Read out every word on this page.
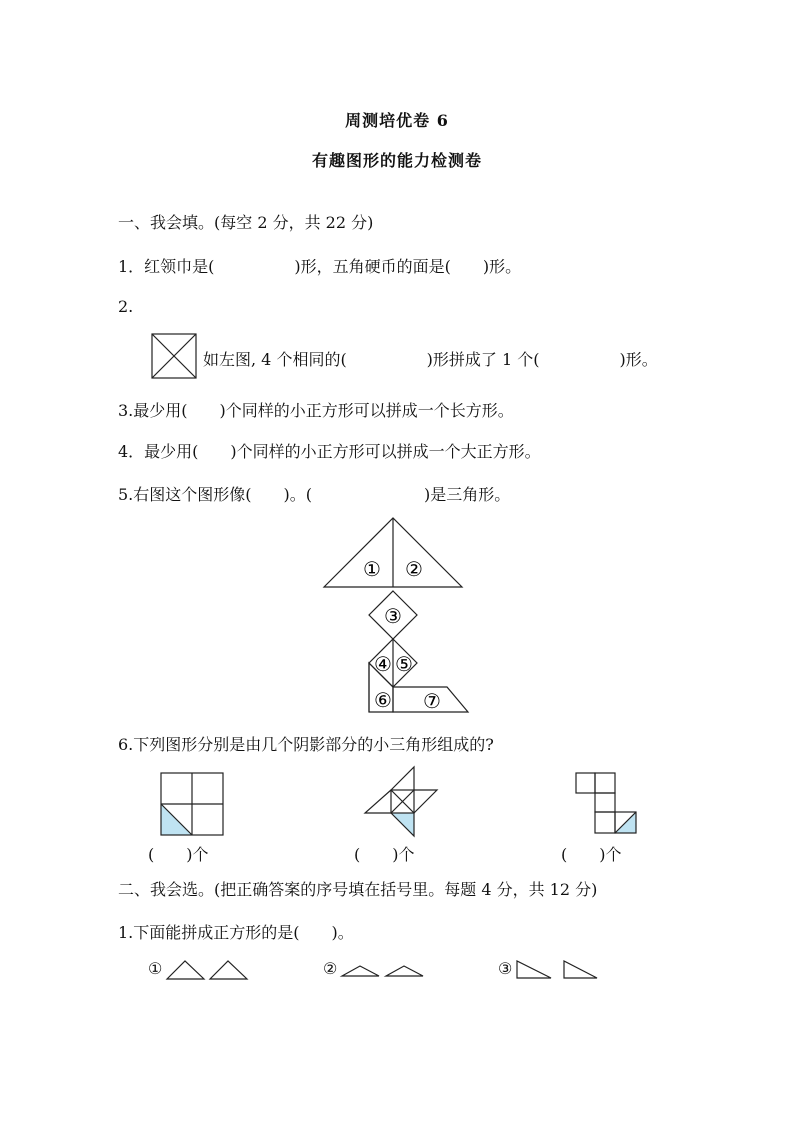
周测培优卷 6
有趣图形的能力检测卷
一、我会填。(每空 2 分，共 22 分)
1．红领巾是(　　　　　)形，五角硬币的面是(　　)形。
2.
如左图, 4 个相同的(　　　　　)形拼成了 1 个(　　　　　)形。
3.最少用(　　)个同样的小正方形可以拼成一个长方形。
4．最少用(　　)个同样的小正方形可以拼成一个大正方形。
5.右图这个图形像(　　)。(　　　　　　　)是三角形。
① ②
③
④ ⑤
⑥ ⑦
6.下列图形分别是由几个阴影部分的小三角形组成的?
(　　)个	(　　)个	(　　)个
二、我会选。(把正确答案的序号填在括号里。每题 4 分，共 12 分)
1.下面能拼成正方形的是(　　)。
①	②	③
